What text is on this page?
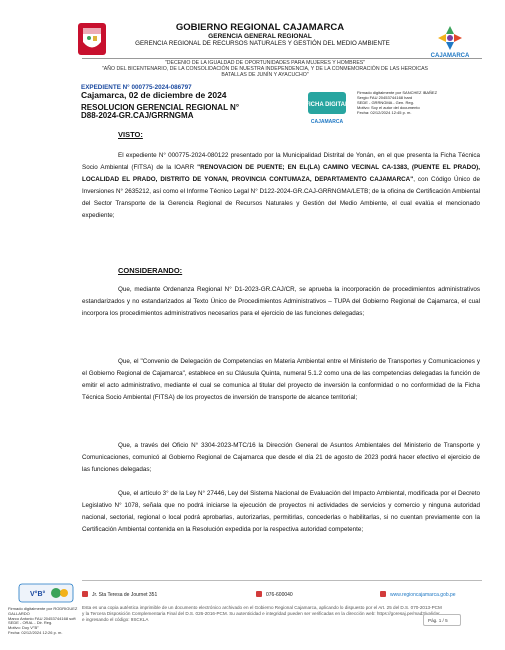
GOBIERNO REGIONAL CAJAMARCA
GERENCIA GENERAL REGIONAL
GERENCIA REGIONAL DE RECURSOS NATURALES Y GESTIÓN DEL MEDIO AMBIENTE
CAJAMARCA
"DECENIO DE LA IGUALDAD DE OPORTUNIDADES PARA MUJERES Y HOMBRES"
"AÑO DEL BICENTENARIO, DE LA CONSOLIDACIÓN DE NUESTRA INDEPENDENCIA, Y DE LA CONMEMORACIÓN DE LAS HEROICAS BATALLAS DE JUNÍN Y AYACUCHO"
EXPEDIENTE N° 000775-2024-086797
Cajamarca, 02 de diciembre de 2024
RESOLUCION GERENCIAL REGIONAL N° D88-2024-GR.CAJ/GRRNGMA
FICHA DIGITAL
CAJAMARCA
Firmado digitalmente por SANCHEZ IBAÑEZ
Sergio FAU 20453744168 hard
SEDE - GRRNGMA - Gen. Reg.
Motivo: Soy el autor del documento
Fecha: 02/12/2024 12:45 p. m.
VISTO:
El expediente N° 000775-2024-080122 presentado por la Municipalidad Distrital de Yonán, en el que presenta la Ficha Técnica Socio Ambiental (FITSA) de la IOARR "RENOVACION DE PUENTE; EN EL(LA) CAMINO VECINAL CA-1383, (PUENTE EL PRADO), LOCALIDAD EL PRADO, DISTRITO DE YONAN, PROVINCIA CONTUMAZA, DEPARTAMENTO CAJAMARCA", con Código Único de Inversiones N° 2635212, así como el Informe Técnico Legal N° D122-2024-GR.CAJ-GRRNGMA/LETB; de la oficina de Certificación Ambiental del Sector Transporte de la Gerencia Regional de Recursos Naturales y Gestión del Medio Ambiente, el cual evalúa el mencionado expediente;
CONSIDERANDO:
Que, mediante Ordenanza Regional N° D1-2023-GR.CAJ/CR, se aprueba la incorporación de procedimientos administrativos estandarizados y no estandarizados al Texto Único de Procedimientos Administrativos – TUPA del Gobierno Regional de Cajamarca, el cual incorpora los procedimientos administrativos necesarios para el ejercicio de las funciones delegadas;
Que, el "Convenio de Delegación de Competencias en Materia Ambiental entre el Ministerio de Transportes y Comunicaciones y el Gobierno Regional de Cajamarca", establece en su Cláusula Quinta, numeral 5.1.2 como una de las competencias delegadas la función de emitir el acto administrativo, mediante el cual se comunica al titular del proyecto de inversión la conformidad o no conformidad de la Ficha Técnica Socio Ambiental (FITSA) de los proyectos de inversión de transporte de alcance territorial;
Que, a través del Oficio N° 3304-2023-MTC/16 la Dirección General de Asuntos Ambientales del Ministerio de Transporte y Comunicaciones, comunicó al Gobierno Regional de Cajamarca que desde el día 21 de agosto de 2023 podrá hacer efectivo el ejercicio de las funciones delegadas;
Que, el artículo 3° de la Ley N° 27446, Ley del Sistema Nacional de Evaluación del Impacto Ambiental, modificada por el Decreto Legislativo N° 1078, señala que no podrá iniciarse la ejecución de proyectos ni actividades de servicios y comercio y ninguna autoridad nacional, sectorial, regional o local podrá aprobarlas, autorizarlas, permitirlas, concederlas o habilitarlas, si no cuentan previamente con la Certificación Ambiental contenida en la Resolución expedida por la respectiva autoridad competente;
V°B°
Firmado digitalmente por RODRIGUEZ GALLARDO
Marco Antonio FAU 20453744168 soft
SEDE - ORAL - Dir. Reg.
Motivo: Doy V°B°
Fecha: 02/12/2024 12:26 p. m.
Jr. Sta Teresa de Journet 351	076-600040	www.regioncajamarca.gob.pe
Esta es una copia auténtica imprimible de un documento electrónico archivado en el Gobierno Regional Cajamarca, aplicando lo dispuesto por el Art. 25 del D.S. 070-2013-PCM y la Tercera Disposición Complementaria Final del D.S. 026-2016-PCM. Su autenticidad e integridad pueden ser verificadas en la dirección web: https://goresaj.pe/mad3/validar e ingresando el código: 9SCKLA	Pág. 1 / 5
